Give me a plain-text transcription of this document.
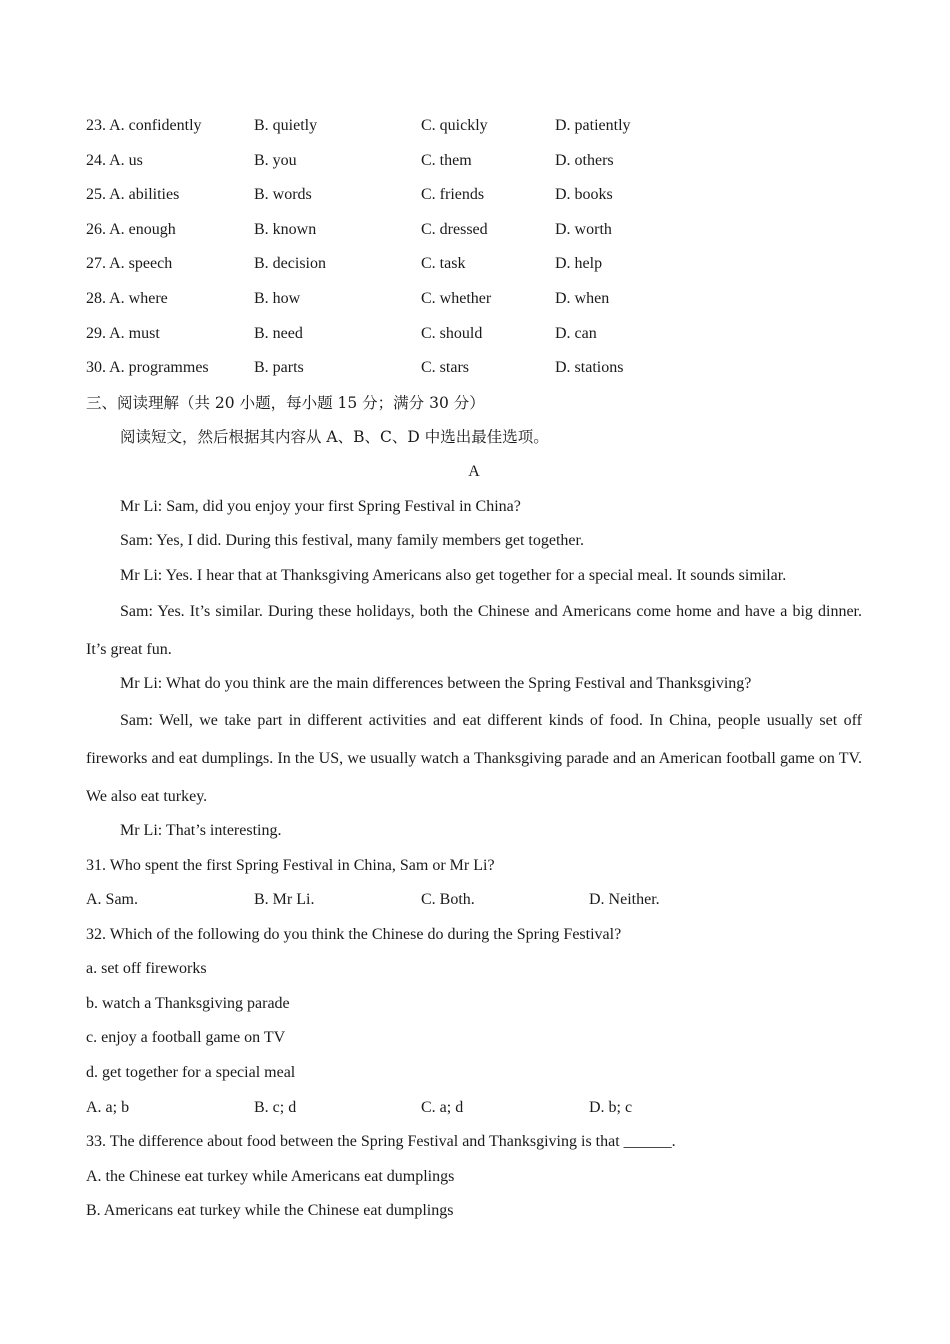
23. A. confidently	B. quietly	C. quickly	D. patiently
24. A. us	B. you	C. them	D. others
25. A. abilities	B. words	C. friends	D. books
26. A. enough	B. known	C. dressed	D. worth
27. A. speech	B. decision	C. task	D. help
28. A. where	B. how	C. whether	D. when
29. A. must	B. need	C. should	D. can
30. A. programmes	B. parts	C. stars	D. stations
三、阅读理解（共 20 小题，每小题 15 分；满分 30 分）
阅读短文，然后根据其内容从 A、B、C、D 中选出最佳选项。
A
Mr Li: Sam, did you enjoy your first Spring Festival in China?
Sam: Yes, I did. During this festival, many family members get together.
Mr Li: Yes. I hear that at Thanksgiving Americans also get together for a special meal. It sounds similar.
Sam: Yes. It’s similar. During these holidays, both the Chinese and Americans come home and have a big dinner. It’s great fun.
Mr Li: What do you think are the main differences between the Spring Festival and Thanksgiving?
Sam: Well, we take part in different activities and eat different kinds of food. In China, people usually set off fireworks and eat dumplings. In the US, we usually watch a Thanksgiving parade and an American football game on TV. We also eat turkey.
Mr Li: That’s interesting.
31. Who spent the first Spring Festival in China, Sam or Mr Li?
A. Sam.	B. Mr Li.	C. Both.	D. Neither.
32. Which of the following do you think the Chinese do during the Spring Festival?
a. set off fireworks
b. watch a Thanksgiving parade
c. enjoy a football game on TV
d. get together for a special meal
A. a; b	B. c; d	C. a; d	D. b; c
33. The difference about food between the Spring Festival and Thanksgiving is that ______.
A. the Chinese eat turkey while Americans eat dumplings
B. Americans eat turkey while the Chinese eat dumplings
